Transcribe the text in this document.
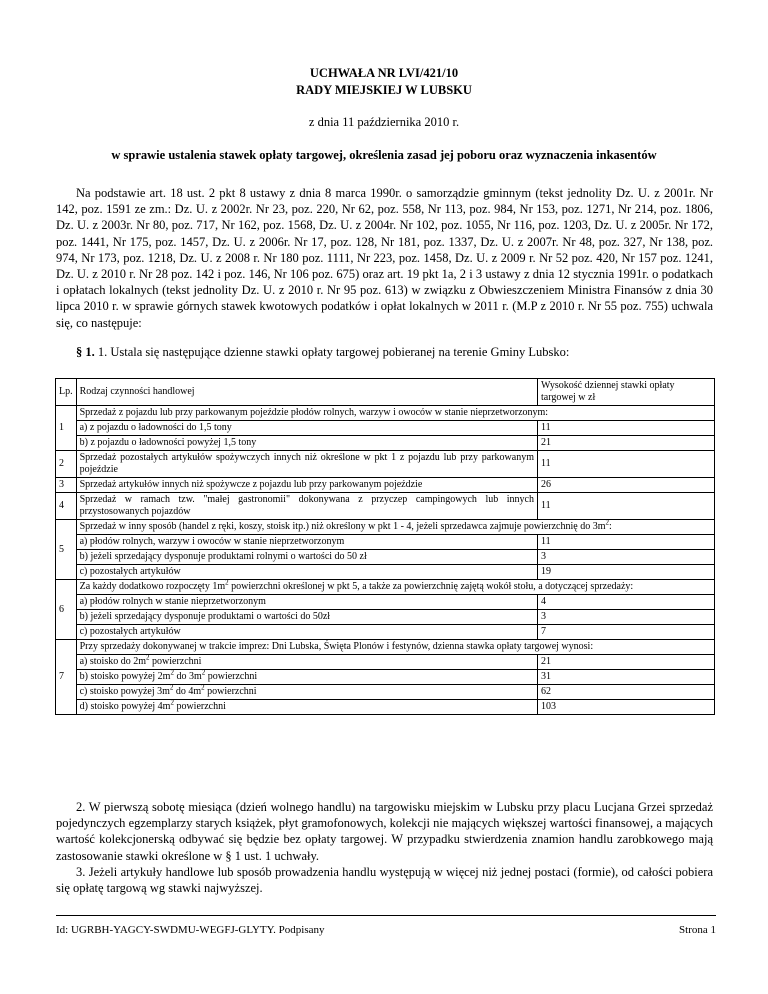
UCHWAŁA NR LVI/421/10
RADY MIEJSKIEJ W LUBSKU
z dnia 11 października 2010 r.
w sprawie ustalenia stawek opłaty targowej, określenia zasad jej poboru oraz wyznaczenia inkasentów
Na podstawie art. 18 ust. 2 pkt 8 ustawy z dnia 8 marca 1990r. o samorządzie gminnym (tekst jednolity Dz. U. z 2001r. Nr 142, poz. 1591 ze zm.: Dz. U. z 2002r. Nr 23, poz. 220, Nr 62, poz. 558, Nr 113, poz. 984, Nr 153, poz. 1271, Nr 214, poz. 1806, Dz. U. z 2003r. Nr 80, poz. 717, Nr 162, poz. 1568, Dz. U. z 2004r. Nr 102, poz. 1055, Nr 116, poz. 1203, Dz. U. z 2005r. Nr 172, poz. 1441, Nr 175, poz. 1457, Dz. U. z 2006r. Nr 17, poz. 128, Nr 181, poz. 1337, Dz. U. z 2007r. Nr 48, poz. 327, Nr 138, poz. 974, Nr 173, poz. 1218, Dz. U. z 2008 r. Nr 180 poz. 1111, Nr 223, poz. 1458, Dz. U. z 2009 r. Nr 52 poz. 420, Nr 157 poz. 1241, Dz. U. z 2010 r. Nr 28 poz. 142 i poz. 146, Nr 106 poz. 675) oraz art. 19 pkt 1a, 2 i 3 ustawy z dnia 12 stycznia 1991r. o podatkach i opłatach lokalnych (tekst jednolity Dz. U. z 2010 r. Nr 95 poz. 613) w związku z Obwieszczeniem Ministra Finansów z dnia 30 lipca 2010 r. w sprawie górnych stawek kwotowych podatków i opłat lokalnych w 2011 r. (M.P z 2010 r. Nr 55 poz. 755) uchwala się, co następuje:
§ 1. 1. Ustala się następujące dzienne stawki opłaty targowej pobieranej na terenie Gminy Lubsko:
Lp.	Rodzaj czynności handlowej	Wysokość dziennej stawki opłaty targowej w zł
1	Sprzedaż z pojazdu lub przy parkowanym pojeździe płodów rolnych, warzyw i owoców w stanie nieprzetworzonym:	
	a) z pojazdu o ładowności do 1,5 tony	11
	b) z pojazdu o ładowności powyżej 1,5 tony	21
2	Sprzedaż pozostałych artykułów spożywczych innych niż określone w pkt 1 z pojazdu lub przy parkowanym pojeździe	11
3	Sprzedaż artykułów innych niż spożywcze z pojazdu lub przy parkowanym pojeździe	26
4	Sprzedaż w ramach tzw. "małej gastronomii" dokonywana z przyczep campingowych lub innych przystosowanych pojazdów	11
5	Sprzedaż w inny sposób (handel z ręki, koszy, stoisk itp.) niż określony w pkt 1 - 4, jeżeli sprzedawca zajmuje powierzchnię do $3m^2$:	
	a) płodów rolnych, warzyw i owoców w stanie nieprzetworzonym	11
	b) jeżeli sprzedający dysponuje produktami rolnymi o wartości do 50 zł	3
	c) pozostałych artykułów	19
6	Za każdy dodatkowo rozpoczęty $1m^2$ powierzchni określonej w pkt 5, a także za powierzchnię zajętą wokół stołu, a dotyczącej sprzedaży:	
	a) płodów rolnych w stanie nieprzetworzonym	4
	b) jeżeli sprzedający dysponuje produktami o wartości do 50zł	3
	c) pozostałych artykułów	7
7	Przy sprzedaży dokonywanej w trakcie imprez: Dni Lubska, Święta Plonów i festynów, dzienna stawka opłaty targowej wynosi:	
	a) stoisko do $2m^2$ powierzchni	21
	b) stoisko powyżej $2m^2$ do $3m^2$ powierzchni	31
	c) stoisko powyżej $3m^2$ do $4m^2$ powierzchni	62
	d) stoisko powyżej $4m^2$ powierzchni	103
2. W pierwszą sobotę miesiąca (dzień wolnego handlu) na targowisku miejskim w Lubsku przy placu Lucjana Grzei sprzedaż pojedynczych egzemplarzy starych książek, płyt gramofonowych, kolekcji nie mających większej wartości finansowej, a mających wartość kolekcjonerską odbywać się będzie bez opłaty targowej. W przypadku stwierdzenia znamion handlu zarobkowego mają zastosowanie stawki określone w § 1 ust. 1 uchwały.
3. Jeżeli artykuły handlowe lub sposób prowadzenia handlu występują w więcej niż jednej postaci (formie), od całości pobiera się opłatę targową wg stawki najwyższej.
Id: UGRBH-YAGCY-SWDMU-WEGFJ-GLYTY. Podpisany	Strona 1
